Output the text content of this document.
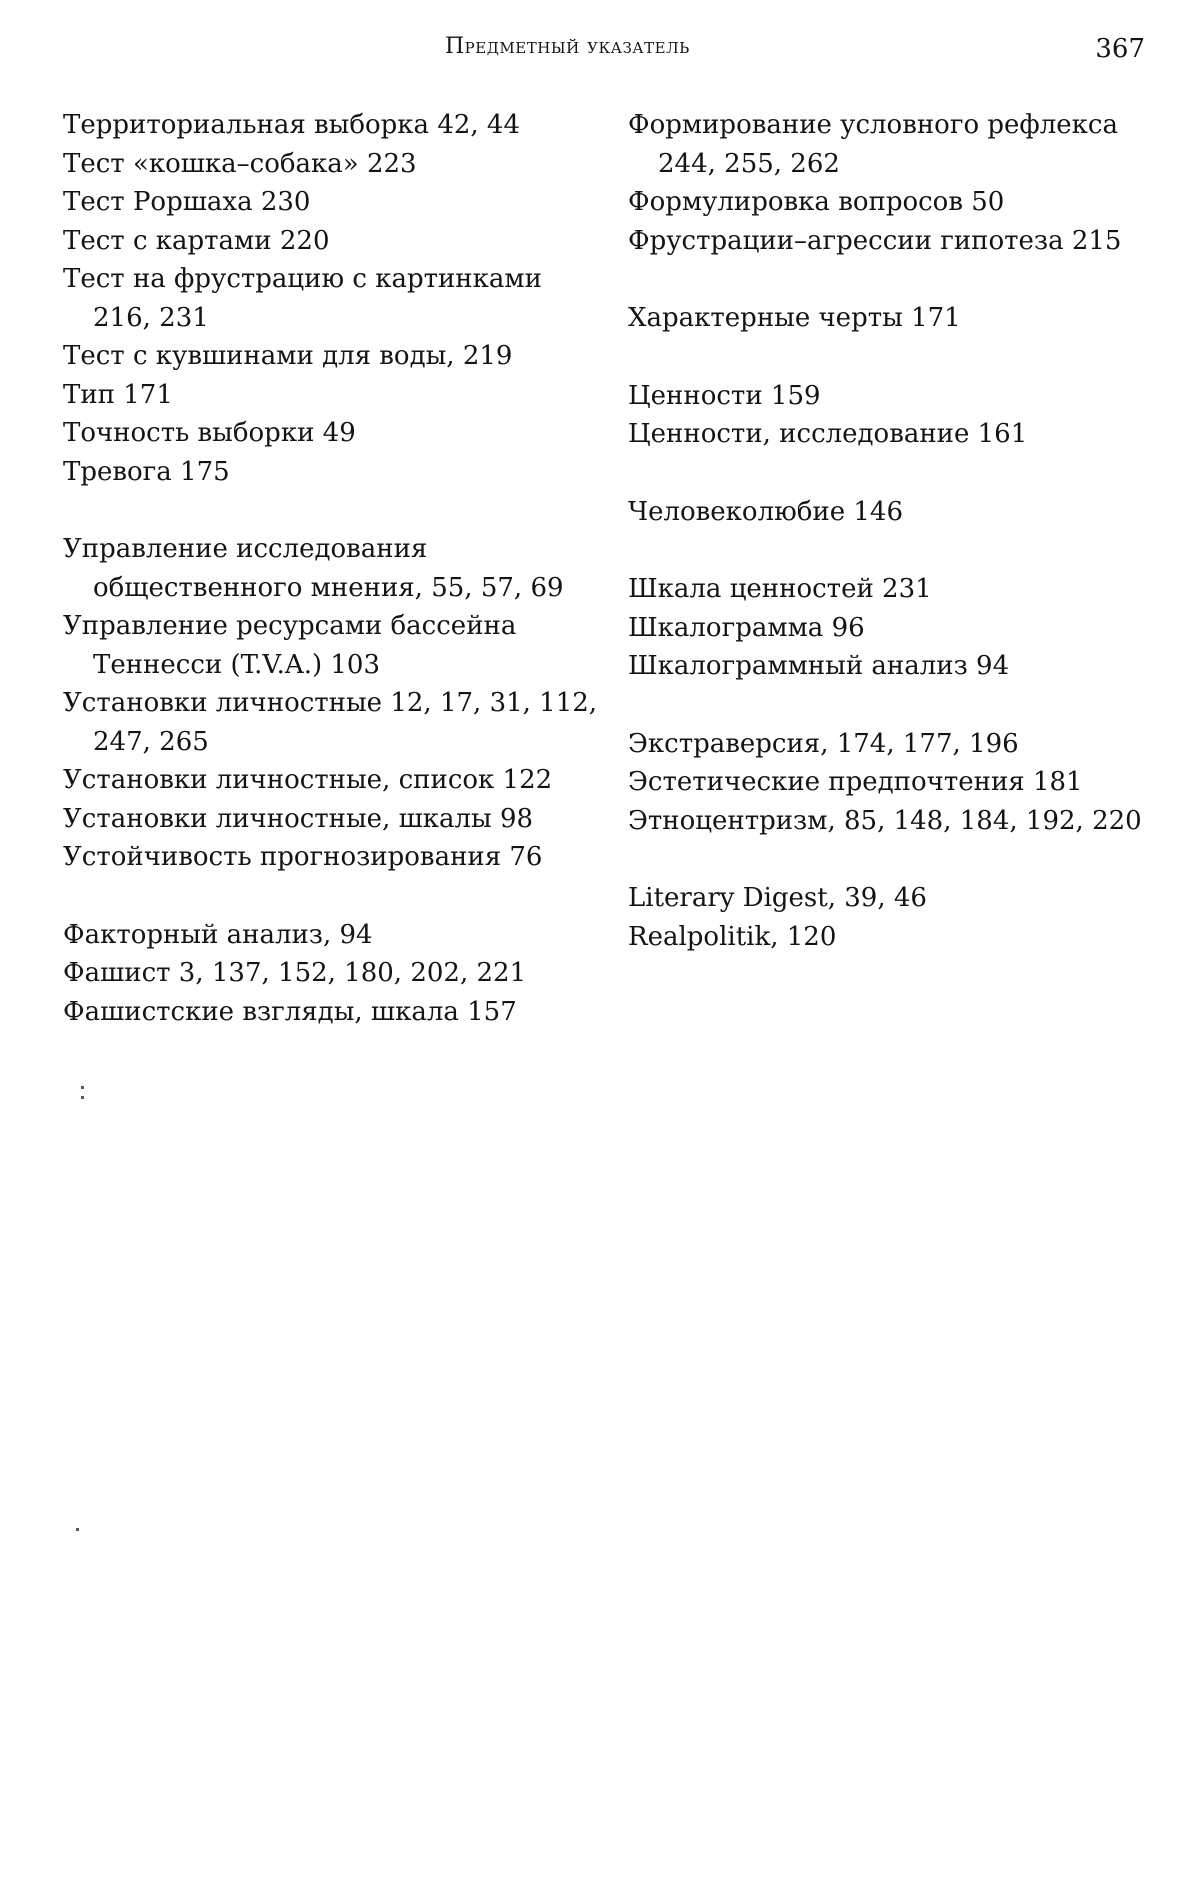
Предметный указатель	367
Территориальная выборка 42, 44
Тест «кошка–собака» 223
Тест Роршаха 230
Тест с картами 220
Тест на фрустрацию с картинками 216, 231
Тест с кувшинами для воды, 219
Тип 171
Точность выборки 49
Тревога 175
Управление исследования общественного мнения, 55, 57, 69
Управление ресурсами бассейна Теннесси (T.V.A.) 103
Установки личностные 12, 17, 31, 112, 247, 265
Установки личностные, список 122
Установки личностные, шкалы 98
Устойчивость прогнозирования 76
Факторный анализ, 94
Фашист 3, 137, 152, 180, 202, 221
Фашистские взгляды, шкала 157
Формирование условного рефлекса 244, 255, 262
Формулировка вопросов 50
Фрустрации–агрессии гипотеза 215
Характерные черты 171
Ценности 159
Ценности, исследование 161
Человеколюбие 146
Шкала ценностей 231
Шкалограмма 96
Шкалограммный анализ 94
Экстраверсия, 174, 177, 196
Эстетические предпочтения 181
Этноцентризм, 85, 148, 184, 192, 220
Literary Digest, 39, 46
Realpolitik, 120
